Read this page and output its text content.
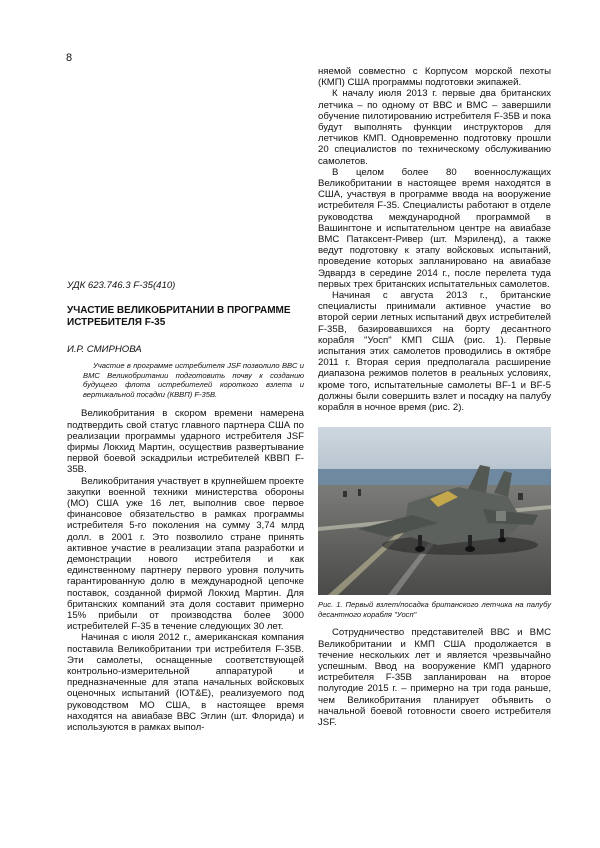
8
УДК 623.746.3 F-35(410)
УЧАСТИЕ ВЕЛИКОБРИТАНИИ В ПРОГРАММЕ
ИСТРЕБИТЕЛЯ F-35
И.Р. СМИРНОВА
Участие в программе истребителя JSF позволило ВВС и ВМС Великобритании подготовить почву к созданию будущего флота истребителей короткого взлета и вертикальной посадки (КВВП) F-35B.

Великобритания в скором времени намерена подтвердить свой статус главного партнера США по реализации программы ударного истребителя JSF фирмы Локхид Мартин, осуществив развертывание первой боевой эскадрильи истребителей КВВП F-35B.

Великобритания участвует в крупнейшем проекте закупки военной техники министерства обороны (МО) США уже 16 лет, выполнив свое первое финансовое обязательство в рамках программы истребителя 5-го поколения на сумму 3,74 млрд долл. в 2001 г. Это позволило стране принять активное участие в реализации этапа разработки и демонстрации нового истребителя и как единственному партнеру первого уровня получить гарантированную долю в международной цепочке поставок, созданной фирмой Локхид Мартин. Для британских компаний эта доля составит примерно 15% прибыли от производства более 3000 истребителей F-35 в течение следующих 30 лет.

Начиная с июля 2012 г., американская компания поставила Великобритании три истребителя F-35B. Эти самолеты, оснащенные соответствующей контрольно-измерительной аппаратурой и предназначенные для этапа начальных войсковых оценочных испытаний (IOT&E), реализуемого под руководством МО США, в настоящее время находятся на авиабазе ВВС Эглин (шт. Флорида) и используются в рамках выпол-

няемой совместно с Корпусом морской пехоты (КМП) США программы подготовки экипажей.

К началу июля 2013 г. первые два британских летчика – по одному от ВВС и ВМС – завершили обучение пилотированию истребителя F-35B и пока будут выполнять функции инструкторов для летчиков КМП. Одновременно подготовку прошли 20 специалистов по техническому обслуживанию самолетов.

В целом более 80 военнослужащих Великобритании в настоящее время находятся в США, участвуя в программе ввода на вооружение истребителя F-35. Специалисты работают в отделе руководства международной программой в Вашингтоне и испытательном центре на авиабазе ВМС Патаксент-Ривер (шт. Мэриленд), а также ведут подготовку к этапу войсковых испытаний, проведение которых запланировано на авиабазе Эдвардз в середине 2014 г., после перелета туда первых трех британских испытательных самолетов.

Начиная с августа 2013 г., британские специалисты принимали активное участие во второй серии летных испытаний двух истребителей F-35B, базировавшихся на борту десантного корабля "Уосп" КМП США (рис. 1). Первые испытания этих самолетов проводились в октябре 2011 г. Вторая серия предполагала расширение диапазона режимов полетов в реальных условиях, кроме того, испытательные самолеты BF-1 и BF-5 должны были совершить взлет и посадку на палубу корабля в ночное время (рис. 2).

Рис. 1. Первый взлет/посадка британского летчика на палубу десантного корабля "Уосп"

Сотрудничество представителей ВВС и ВМС Великобритании и КМП США продолжается в течение нескольких лет и является чрезвычайно успешным. Ввод на вооружение КМП ударного истребителя F-35B запланирован на второе полугодие 2015 г. – примерно на три года раньше, чем Великобритания планирует объявить о начальной боевой готовности своего истребителя JSF.
